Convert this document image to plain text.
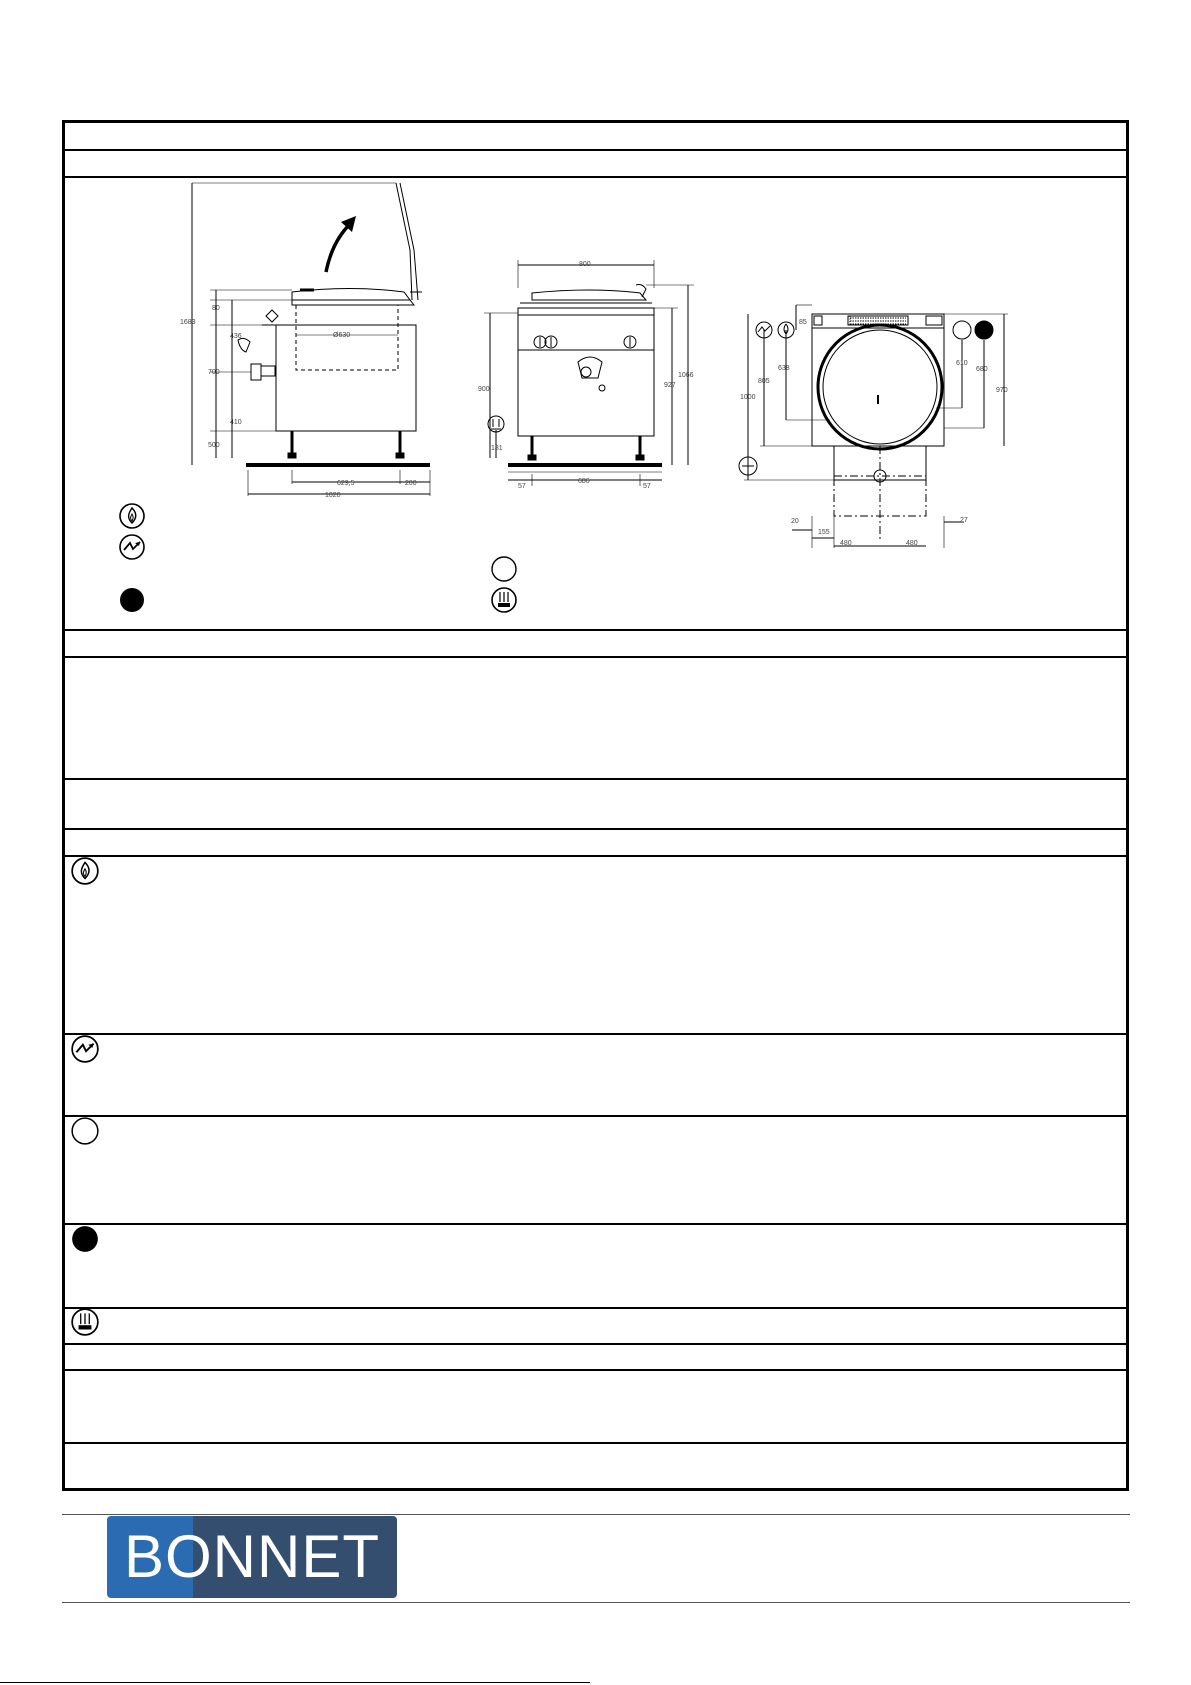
80
436
700
410
500
1683
Ø630
629,5	200
1020
800
900
1066
927
181
57
686
57
85
638
805
1000
610
680
970
20
155
27
480	480
BONNET
